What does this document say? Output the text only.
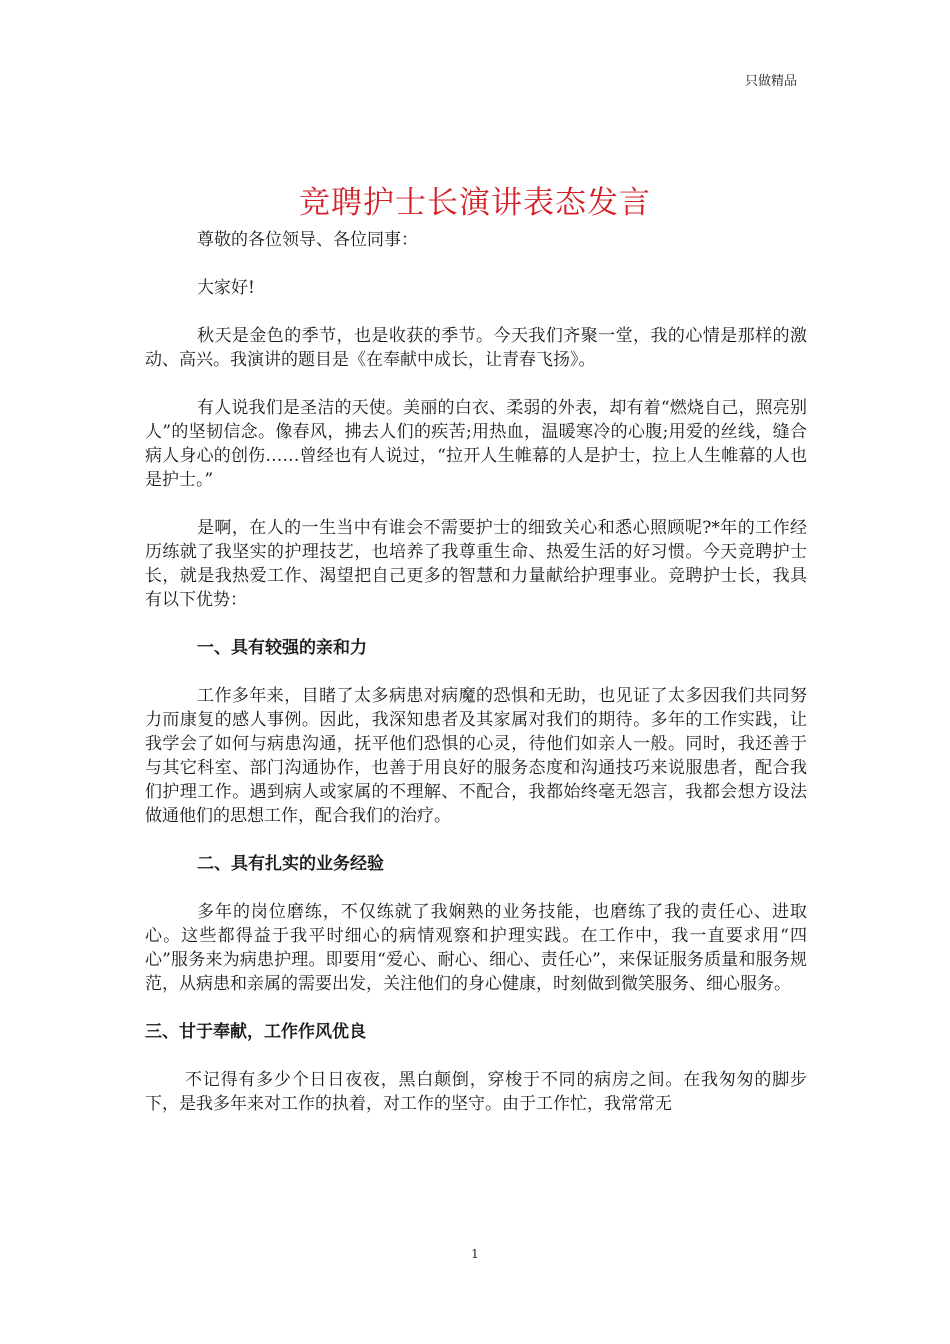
只做精品
竞聘护士长演讲表态发言

尊敬的各位领导、各位同事：

大家好!

秋天是金色的季节，也是收获的季节。今天我们齐聚一堂，我的心情是那样的激动、高兴。我演讲的题目是《在奉献中成长，让青春飞扬》。

有人说我们是圣洁的天使。美丽的白衣、柔弱的外表，却有着“燃烧自己，照亮别人”的坚韧信念。像春风，拂去人们的疾苦;用热血，温暖寒冷的心腹;用爱的丝线，缝合病人身心的创伤……曾经也有人说过，“拉开人生帷幕的人是护士，拉上人生帷幕的人也是护士。”

是啊，在人的一生当中有谁会不需要护士的细致关心和悉心照顾呢?*年的工作经历练就了我坚实的护理技艺，也培养了我尊重生命、热爱生活的好习惯。今天竞聘护士长，就是我热爱工作、渴望把自己更多的智慧和力量献给护理事业。竞聘护士长，我具有以下优势：

一、具有较强的亲和力

工作多年来，目睹了太多病患对病魔的恐惧和无助，也见证了太多因我们共同努力而康复的感人事例。因此，我深知患者及其家属对我们的期待。多年的工作实践，让我学会了如何与病患沟通，抚平他们恐惧的心灵，待他们如亲人一般。同时，我还善于与其它科室、部门沟通协作，也善于用良好的服务态度和沟通技巧来说服患者，配合我们护理工作。遇到病人或家属的不理解、不配合，我都始终毫无怨言，我都会想方设法做通他们的思想工作，配合我们的治疗。

二、具有扎实的业务经验

多年的岗位磨练，不仅练就了我娴熟的业务技能，也磨练了我的责任心、进取心。这些都得益于我平时细心的病情观察和护理实践。在工作中，我一直要求用“四心”服务来为病患护理。即要用“爱心、耐心、细心、责任心”，来保证服务质量和服务规范，从病患和亲属的需要出发，关注他们的身心健康，时刻做到微笑服务、细心服务。

三、甘于奉献，工作作风优良

不记得有多少个日日夜夜，黑白颠倒，穿梭于不同的病房之间。在我匆匆的脚步下，是我多年来对工作的执着，对工作的坚守。由于工作忙，我常常无

1
